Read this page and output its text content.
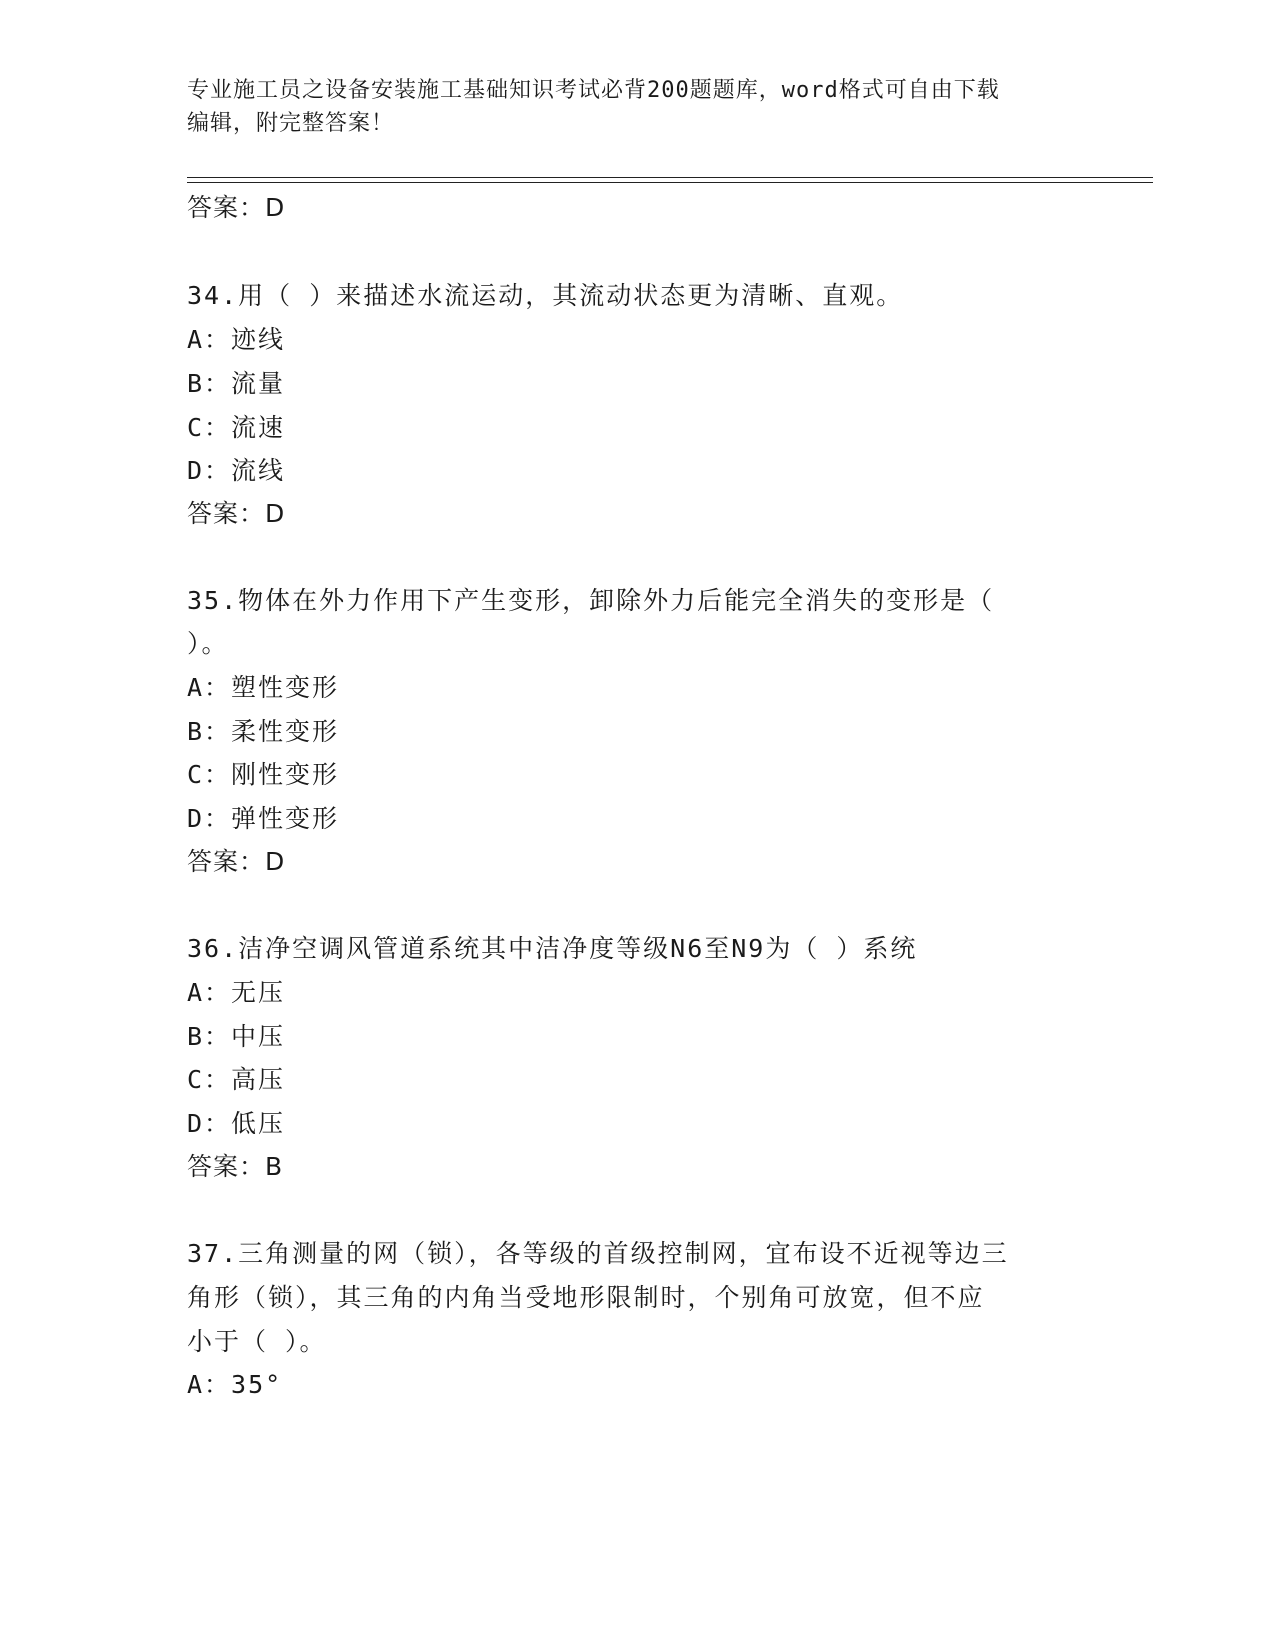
专业施工员之设备安装施工基础知识考试必背200题题库，word格式可自由下载
编辑，附完整答案！
答案：D
34.用（ ）来描述水流运动，其流动状态更为清晰、直观。
A：迹线
B：流量
C：流速
D：流线
答案：D
35.物体在外力作用下产生变形，卸除外力后能完全消失的变形是（
）。
A：塑性变形
B：柔性变形
C：刚性变形
D：弹性变形
答案：D
36.洁净空调风管道系统其中洁净度等级N6至N9为（ ）系统
A：无压
B：中压
C：高压
D：低压
答案：B
37.三角测量的网（锁），各等级的首级控制网，宜布设不近视等边三
角形（锁），其三角的内角当受地形限制时，个别角可放宽，但不应
小于（ ）。
A：35°
